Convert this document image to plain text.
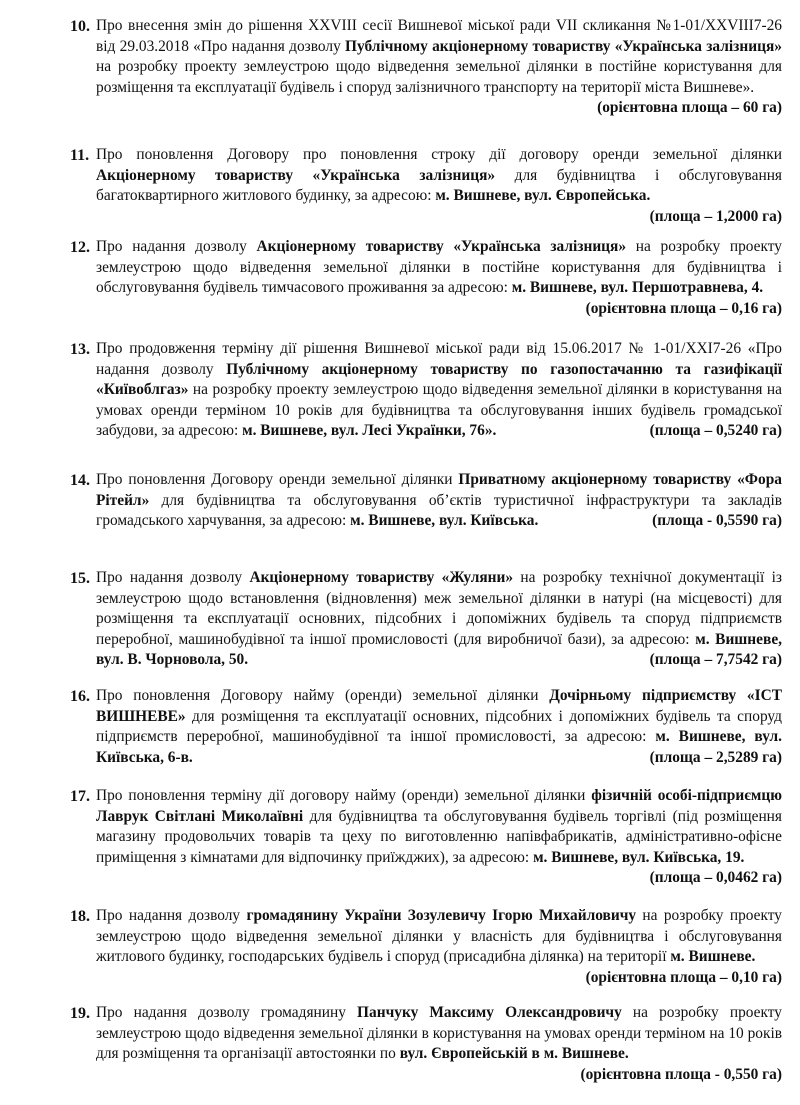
10. Про внесення змін до рішення XXVIII сесії Вишневої міської ради VII скликання №1-01/XXVIII7-26 від 29.03.2018 «Про надання дозволу Публічному акціонерному товариству «Українська залізниця» на розробку проекту землеустрою щодо відведення земельної ділянки в постійне користування для розміщення та експлуатації будівель і споруд залізничного транспорту на території міста Вишневе».
(орієнтовна площа – 60 га)
11. Про поновлення Договору про поновлення строку дії договору оренди земельної ділянки Акціонерному товариству «Українська залізниця» для будівництва і обслуговування багатоквартирного житлового будинку, за адресою: м. Вишневе, вул. Європейська.
(площа – 1,2000 га)
12. Про надання дозволу Акціонерному товариству «Українська залізниця» на розробку проекту землеустрою щодо відведення земельної ділянки в постійне користування для будівництва і обслуговування будівель тимчасового проживання за адресою: м. Вишневе, вул. Першотравнева, 4.
(орієнтовна площа – 0,16 га)
13. Про продовження терміну дії рішення Вишневої міської ради від 15.06.2017 № 1-01/XXI7-26 «Про надання дозволу Публічному акціонерному товариству по газопостачанню та газифікації «Київоблгаз» на розробку проекту землеустрою щодо відведення земельної ділянки в користування на умовах оренди терміном 10 років для будівництва та обслуговування інших будівель громадської забудови, за адресою: м. Вишневе, вул. Лесі Українки, 76».	(площа – 0,5240 га)
14. Про поновлення Договору оренди земельної ділянки Приватному акціонерному товариству «Фора Рітейл» для будівництва та обслуговування об’єктів туристичної інфраструктури та закладів громадського харчування, за адресою: м. Вишневе, вул. Київська.	(площа - 0,5590 га)
15. Про надання дозволу Акціонерному товариству «Жуляни» на розробку технічної документації із землеустрою щодо встановлення (відновлення) меж земельної ділянки в натурі (на місцевості) для розміщення та експлуатації основних, підсобних і допоміжних будівель та споруд підприємств переробної, машинобудівної та іншої промисловості (для виробничої бази), за адресою: м. Вишневе, вул. В. Чорновола, 50.	(площа – 7,7542 га)
16. Про поновлення Договору найму (оренди) земельної ділянки Дочірньому підприємству «ІСТ ВИШНЕВЕ» для розміщення та експлуатації основних, підсобних і допоміжних будівель та споруд підприємств переробної, машинобудівної та іншої промисловості, за адресою: м. Вишневе, вул. Київська, 6-в.	(площа – 2,5289 га)
17. Про поновлення терміну дії договору найму (оренди) земельної ділянки фізичній особі-підприємцю Лаврук Світлані Миколаївні для будівництва та обслуговування будівель торгівлі (під розміщення магазину продовольчих товарів та цеху по виготовленню напівфабрикатів, адміністративно-офісне приміщення з кімнатами для відпочинку приїжджих), за адресою: м. Вишневе, вул. Київська, 19.
(площа – 0,0462 га)
18. Про надання дозволу громадянину України Зозулевичу Ігорю Михайловичу на розробку проекту землеустрою щодо відведення земельної ділянки у власність для будівництва і обслуговування житлового будинку, господарських будівель і споруд (присадибна ділянка) на території м. Вишневе.
(орієнтовна площа – 0,10 га)
19. Про надання дозволу громадянину Панчуку Максиму Олександровичу на розробку проекту землеустрою щодо відведення земельної ділянки в користування на умовах оренди терміном на 10 років для розміщення та організації автостоянки по вул. Європейській в м. Вишневе.
(орієнтовна площа - 0,550 га)
